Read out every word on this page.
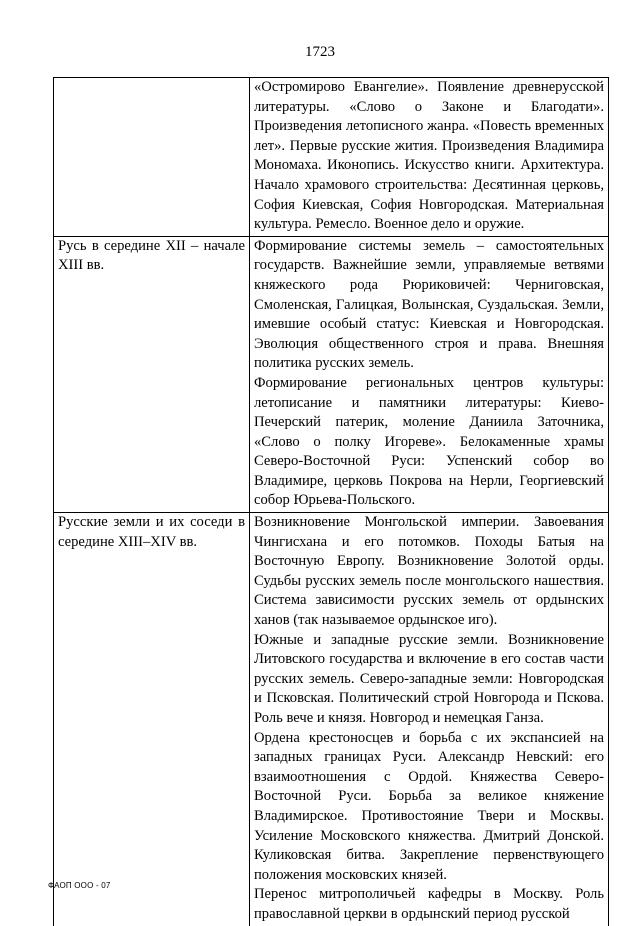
1723

	«Остромирово Евангелие». Появление древнерусской литературы. «Слово о Законе и Благодати». Произведения летописного жанра. «Повесть временных лет». Первые русские жития. Произведения Владимира Мономаха. Иконопись. Искусство книги. Архитектура. Начало храмового строительства: Десятинная церковь, София Киевская, София Новгородская. Материальная культура. Ремесло. Военное дело и оружие.

Русь в середине XII – начале XIII вв.	Формирование системы земель – самостоятельных государств. Важнейшие земли, управляемые ветвями княжеского рода Рюриковичей: Черниговская, Смоленская, Галицкая, Волынская, Суздальская. Земли, имевшие особый статус: Киевская и Новгородская. Эволюция общественного строя и права. Внешняя политика русских земель.

Формирование региональных центров культуры: летописание и памятники литературы: Киево-Печерский патерик, моление Даниила Заточника, «Слово о полку Игореве». Белокаменные храмы Северо-Восточной Руси: Успенский собор во Владимире, церковь Покрова на Нерли, Георгиевский собор Юрьева-Польского.

Русские земли и их соседи в середине XIII–XIV вв.	Возникновение Монгольской империи. Завоевания Чингисхана и его потомков. Походы Батыя на Восточную Европу. Возникновение Золотой орды. Судьбы русских земель после монгольского нашествия. Система зависимости русских земель от ордынских ханов (так называемое ордынское иго).

Южные и западные русские земли. Возникновение Литовского государства и включение в его состав части русских земель. Северо-западные земли: Новгородская и Псковская. Политический строй Новгорода и Пскова. Роль вече и князя. Новгород и немецкая Ганза.

Ордена крестоносцев и борьба с их экспансией на западных границах Руси. Александр Невский: его взаимоотношения с Ордой. Княжества Северо-Восточной Руси. Борьба за великое княжение Владимирское. Противостояние Твери и Москвы. Усиление Московского княжества. Дмитрий Донской. Куликовская битва. Закрепление первенствующего положения московских князей.

Перенос митрополичьей кафедры в Москву. Роль православной церкви в ордынский период русской

ФАОП ООО - 07
